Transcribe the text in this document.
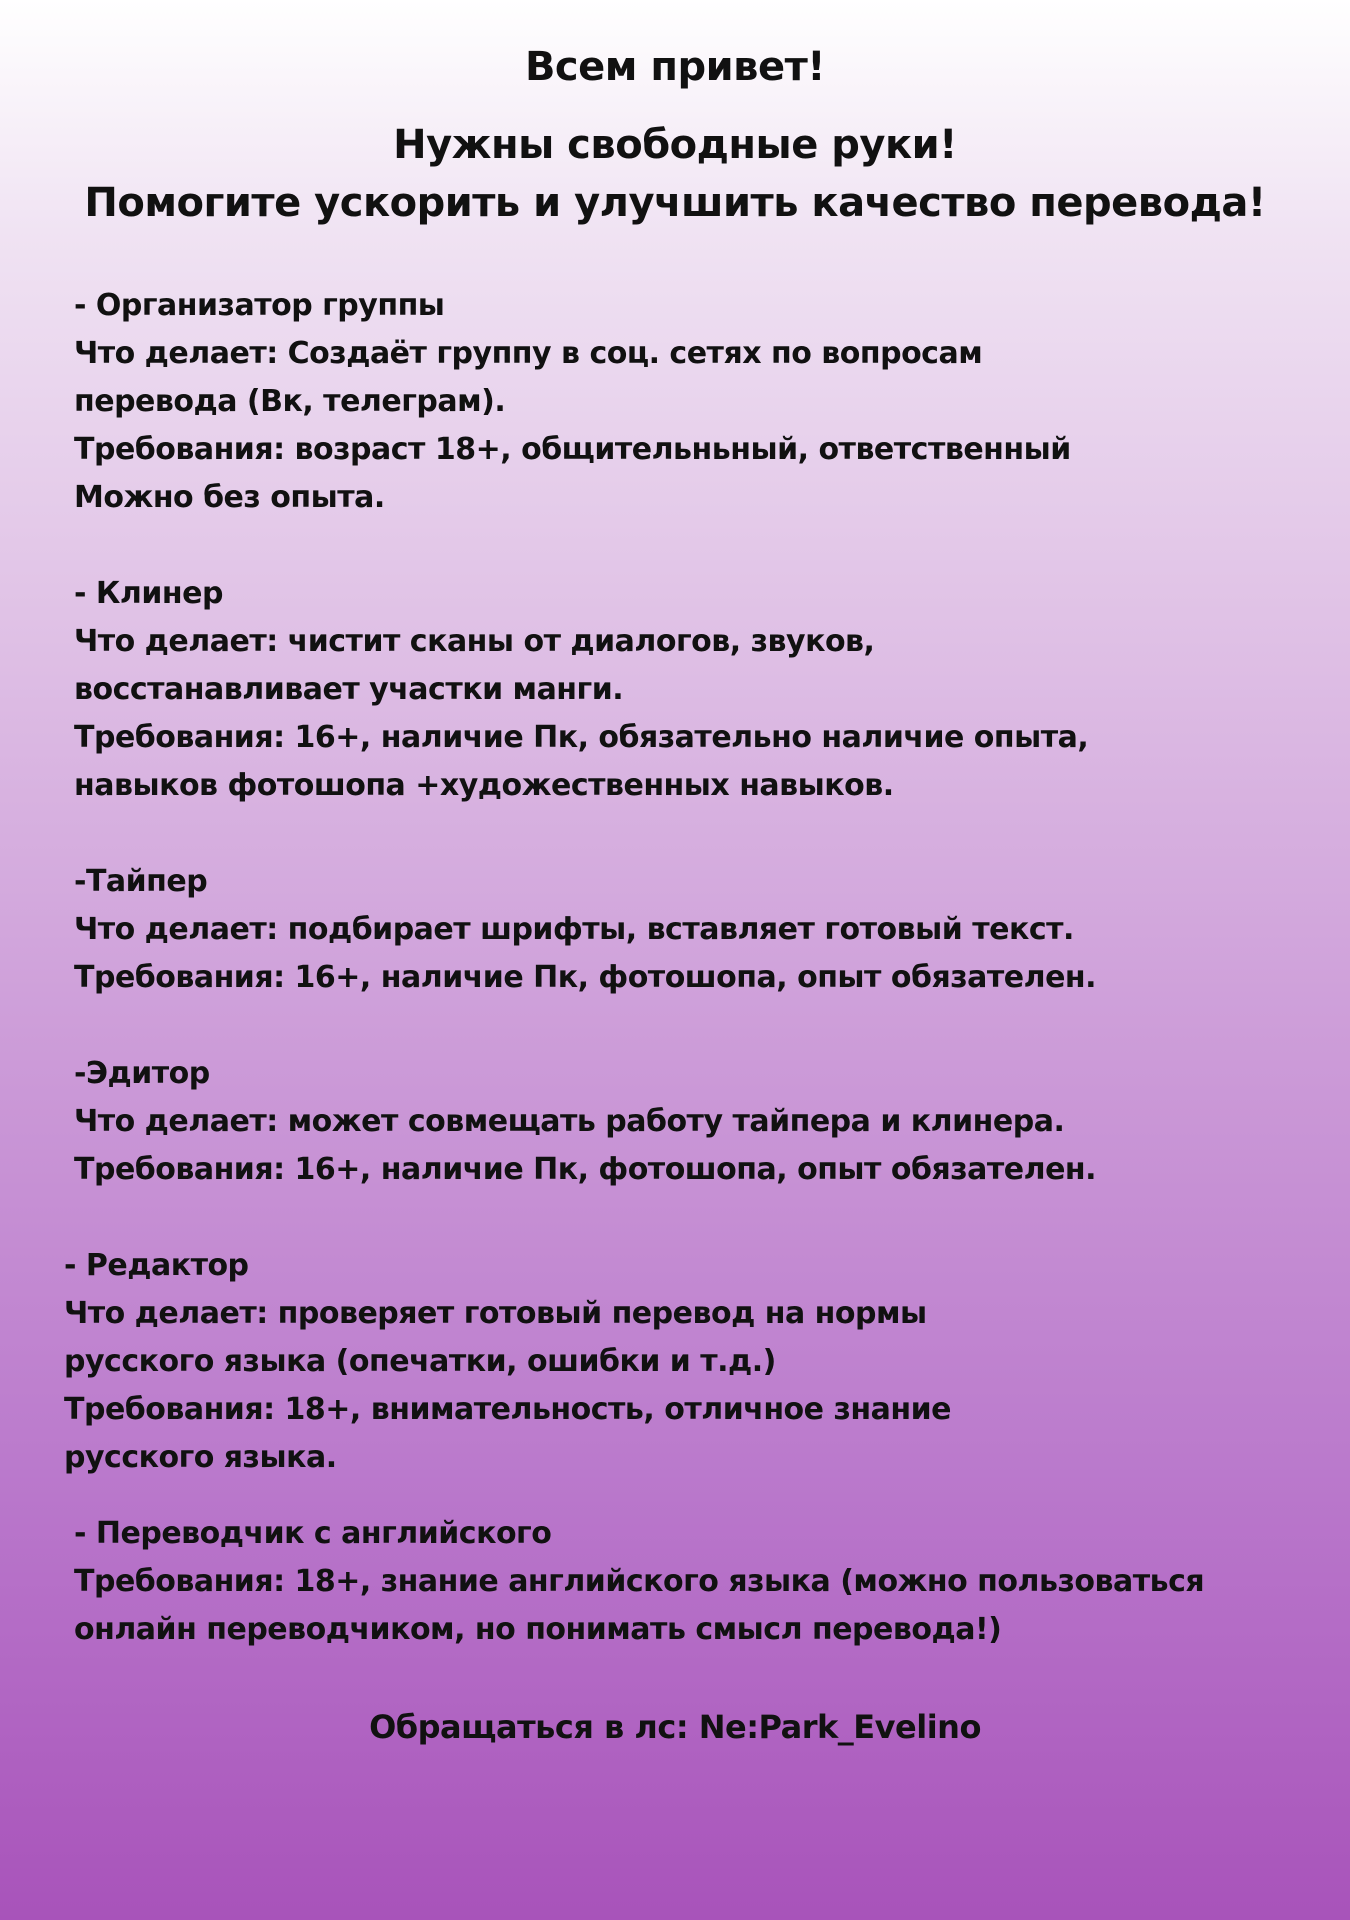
Всем привет!
Нужны свободные руки!
Помогите ускорить и улучшить качество перевода!
- Организатор группы
Что делает: Создаёт группу в соц. сетях по вопросам
перевода (Вк, телеграм).
Требования: возраст 18+, общительньный, ответственный
Можно без опыта.
- Клинер
Что делает: чистит сканы от диалогов, звуков,
восстанавливает участки манги.
Требования: 16+, наличие Пк, обязательно наличие опыта,
навыков фотошопа +художественных навыков.
-Тайпер
Что делает: подбирает шрифты, вставляет готовый текст.
Требования: 16+, наличие Пк, фотошопа, опыт обязателен.
-Эдитор
Что делает: может совмещать работу тайпера и клинера.
Требования: 16+, наличие Пк, фотошопа, опыт обязателен.
- Редактор
Что делает: проверяет готовый перевод на нормы
русского языка (опечатки, ошибки и т.д.)
Требования: 18+, внимательность, отличное знание
русского языка.
- Переводчик с английского
Требования: 18+, знание английского языка (можно пользоваться
онлайн переводчиком, но понимать смысл перевода!)
Обращаться в лс: Ne:Park_Evelino
